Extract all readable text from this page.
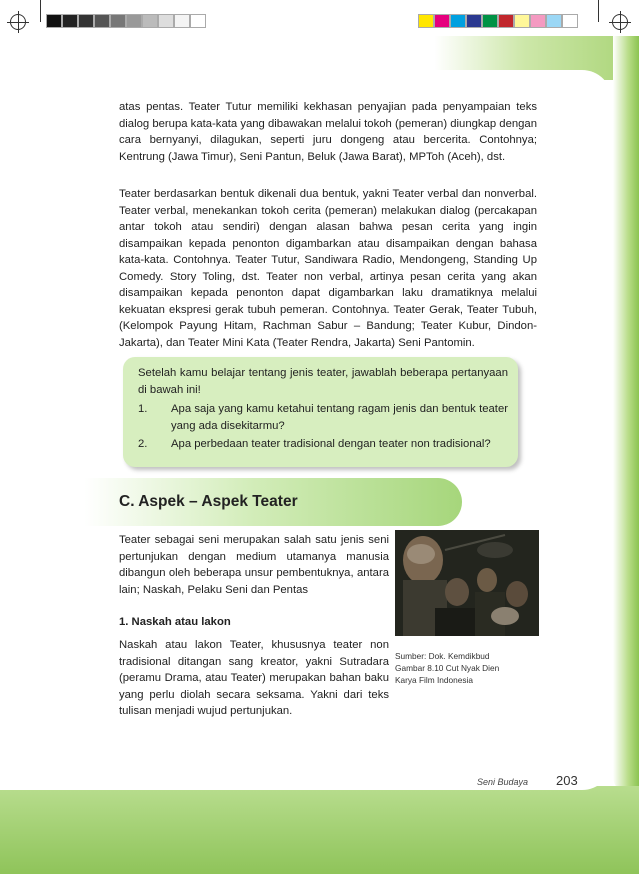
atas pentas. Teater Tutur memiliki kekhasan penyajian pada penyampaian teks dialog berupa kata-kata yang dibawakan melalui tokoh (pemeran) diungkap dengan cara bernyanyi, dilagukan, seperti juru dongeng atau bercerita. Contohnya; Kentrung (Jawa Timur), Seni Pantun, Beluk (Jawa Barat), MPToh (Aceh), dst.

Teater berdasarkan bentuk dikenali dua bentuk, yakni Teater verbal dan nonverbal. Teater verbal, menekankan tokoh cerita (pemeran) melakukan dialog (percakapan antar tokoh atau sendiri) dengan alasan bahwa pesan cerita yang ingin disampaikan kepada penonton digambarkan atau disampaikan dengan bahasa kata-kata. Contohnya. Teater Tutur, Sandiwara Radio, Mendongeng, Standing Up Comedy. Story Toling, dst. Teater non verbal, artinya pesan cerita yang akan disampaikan kepada penonton dapat digambarkan laku dramatiknya melalui kekuatan ekspresi gerak tubuh pemeran. Contohnya. Teater Gerak, Teater Tubuh, (Kelompok Payung Hitam, Rachman Sabur – Bandung; Teater Kubur, Dindon-Jakarta), dan Teater Mini Kata (Teater Rendra, Jakarta) Seni Pantomin.

Setelah kamu belajar tentang jenis teater, jawablah beberapa pertanyaan di bawah ini!

1. Apa saja yang kamu ketahui tentang ragam jenis dan bentuk teater yang ada disekitarmu?

2. Apa perbedaan teater tradisional dengan teater non tradisional?

C. Aspek – Aspek Teater

Teater sebagai seni merupakan salah satu jenis seni pertunjukan dengan medium utamanya manusia dibangun oleh beberapa unsur pembentuknya, antara lain; Naskah, Pelaku Seni dan Pentas

1. Naskah atau lakon

Naskah atau lakon Teater, khususnya teater non tradisional ditangan sang kreator, yakni Sutradara (peramu Drama, atau Teater) merupakan bahan baku yang perlu diolah secara seksama. Yakni dari teks tulisan menjadi wujud pertunjukan.

Sumber: Dok. Kemdikbud

Gambar 8.10 Cut Nyak Dien

Karya Film Indonesia

Seni Budaya 203
